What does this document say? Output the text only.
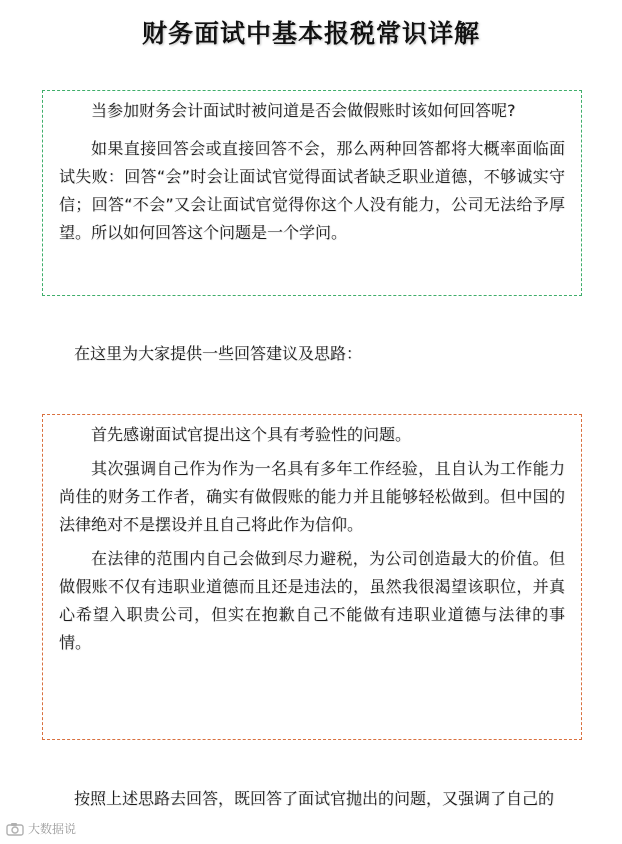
财务面试中基本报税常识详解

当参加财务会计面试时被问道是否会做假账时该如何回答呢?

如果直接回答会或直接回答不会，那么两种回答都将大概率面临面试失败：回答“会”时会让面试官觉得面试者缺乏职业道德，不够诚实守信；回答“不会”又会让面试官觉得你这个人没有能力，公司无法给予厚望。所以如何回答这个问题是一个学问。

在这里为大家提供一些回答建议及思路：

首先感谢面试官提出这个具有考验性的问题。

其次强调自己作为作为一名具有多年工作经验，且自认为工作能力尚佳的财务工作者，确实有做假账的能力并且能够轻松做到。但中国的法律绝对不是摆设并且自己将此作为信仰。

在法律的范围内自己会做到尽力避税，为公司创造最大的价值。但做假账不仅有违职业道德而且还是违法的，虽然我很渴望该职位，并真心希望入职贵公司，但实在抱歉自己不能做有违职业道德与法律的事情。

按照上述思路去回答，既回答了面试官抛出的问题，又强调了自己的

大数据说
